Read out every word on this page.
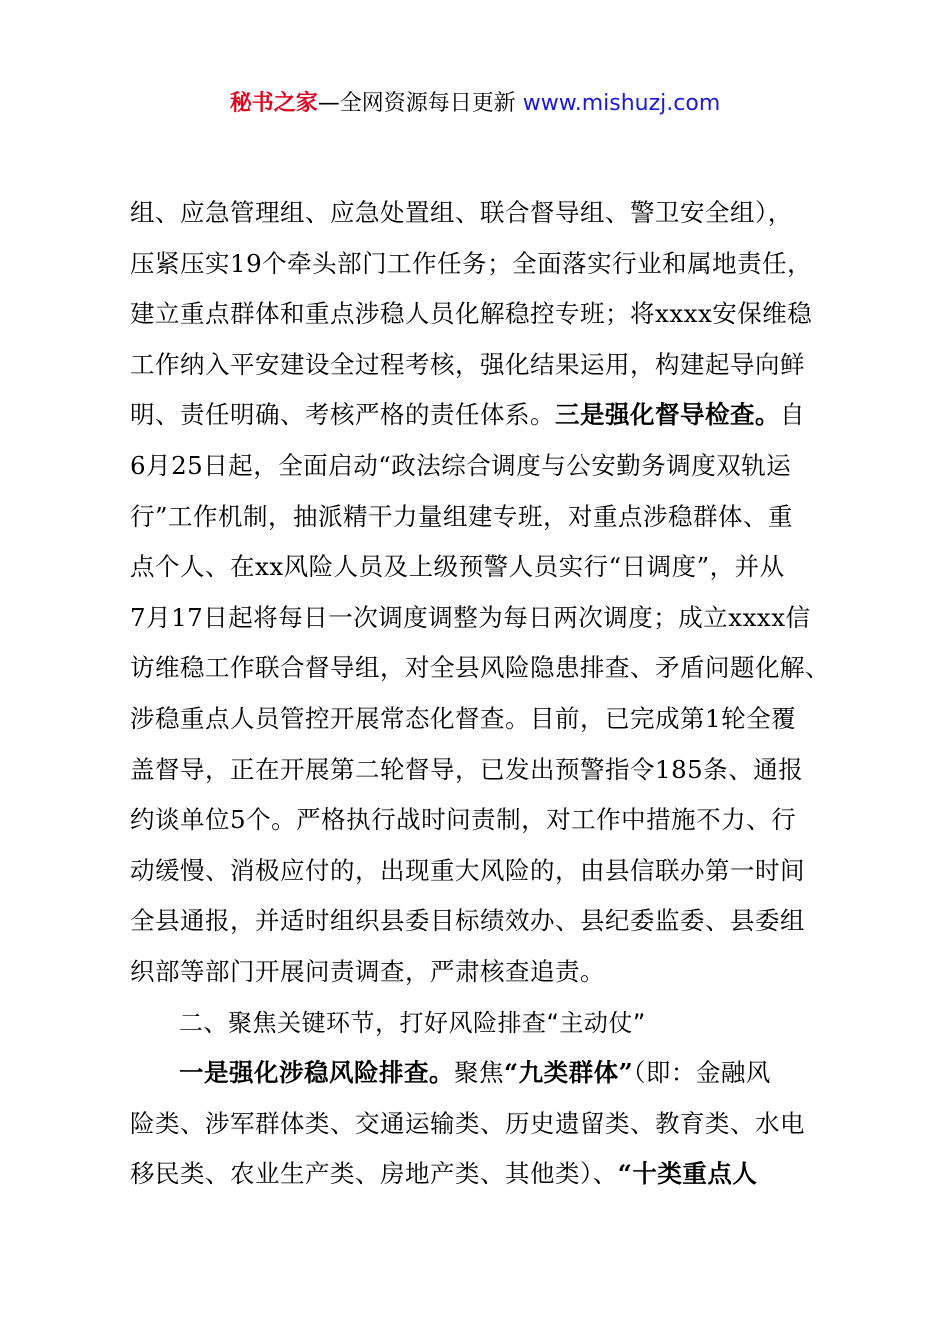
秘书之家—全网资源每日更新 www.mishuzj.com
组、应急管理组、应急处置组、联合督导组、警卫安全组），
压紧压实19个牵头部门工作任务；全面落实行业和属地责任，
建立重点群体和重点涉稳人员化解稳控专班；将xxxx安保维稳
工作纳入平安建设全过程考核，强化结果运用，构建起导向鲜
明、责任明确、考核严格的责任体系。三是强化督导检查。自
6月25日起，全面启动“政法综合调度与公安勤务调度双轨运
行”工作机制，抽派精干力量组建专班，对重点涉稳群体、重
点个人、在xx风险人员及上级预警人员实行“日调度”，并从
7月17日起将每日一次调度调整为每日两次调度；成立xxxx信
访维稳工作联合督导组，对全县风险隐患排查、矛盾问题化解、
涉稳重点人员管控开展常态化督查。目前，已完成第1轮全覆
盖督导，正在开展第二轮督导，已发出预警指令185条、通报
约谈单位5个。严格执行战时问责制，对工作中措施不力、行
动缓慢、消极应付的，出现重大风险的，由县信联办第一时间
全县通报，并适时组织县委目标绩效办、县纪委监委、县委组
织部等部门开展问责调查，严肃核查追责。
二、聚焦关键环节，打好风险排查“主动仗”
一是强化涉稳风险排查。聚焦“九类群体”（即：金融风
险类、涉军群体类、交通运输类、历史遗留类、教育类、水电
移民类、农业生产类、房地产类、其他类）、“十类重点人
